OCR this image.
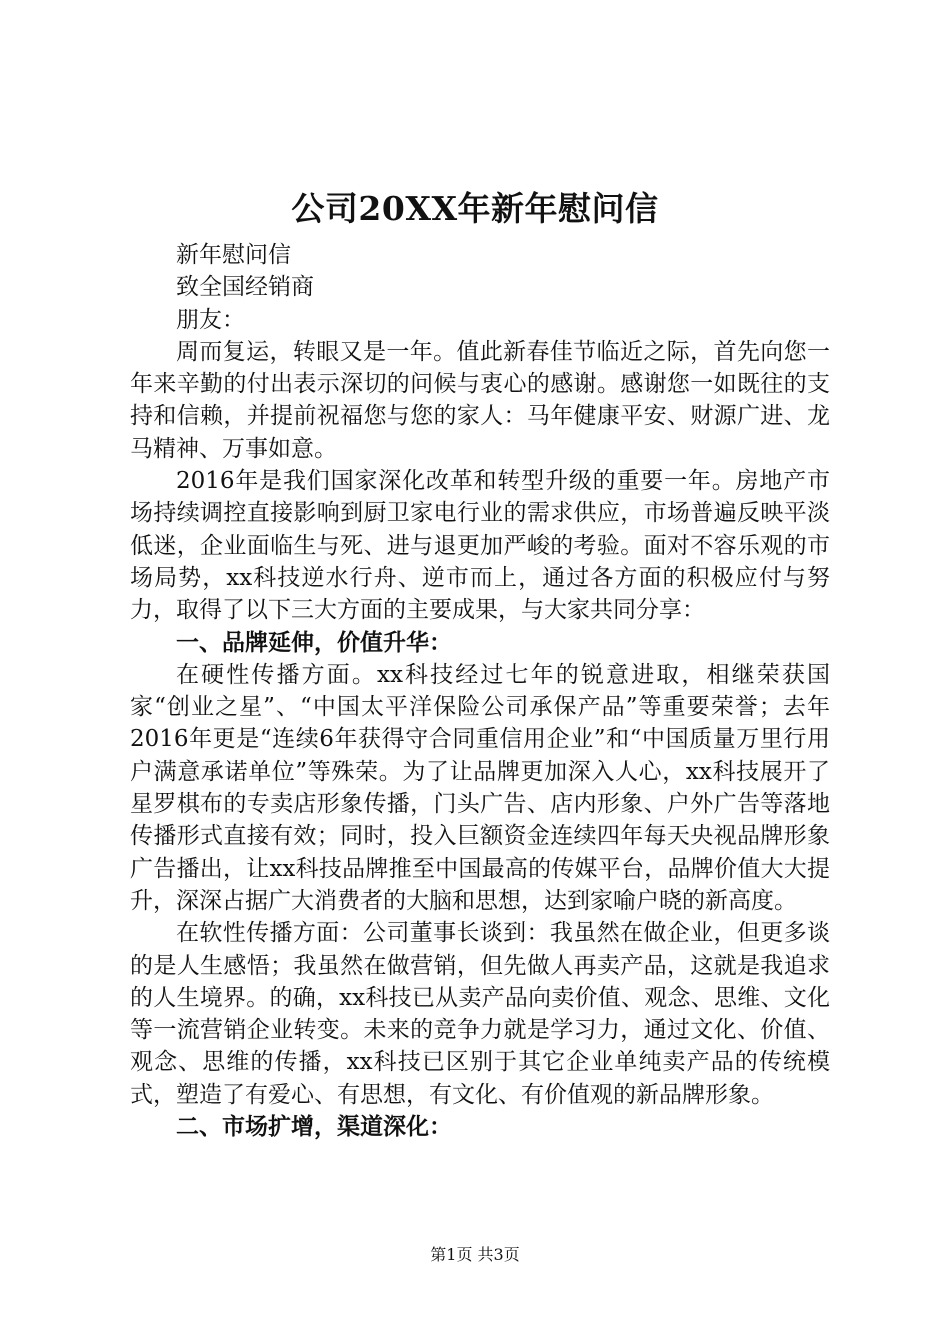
公司20XX年新年慰问信

新年慰问信

致全国经销商

朋友：

周而复运，转眼又是一年。值此新春佳节临近之际，首先向您一年来辛勤的付出表示深切的问候与衷心的感谢。感谢您一如既往的支持和信赖，并提前祝福您与您的家人：马年健康平安、财源广进、龙马精神、万事如意。

2016年是我们国家深化改革和转型升级的重要一年。房地产市场持续调控直接影响到厨卫家电行业的需求供应，市场普遍反映平淡低迷，企业面临生与死、进与退更加严峻的考验。面对不容乐观的市场局势，xx科技逆水行舟、逆市而上，通过各方面的积极应付与努力，取得了以下三大方面的主要成果，与大家共同分享：

一、品牌延伸，价值升华：

在硬性传播方面。xx科技经过七年的锐意进取，相继荣获国家“创业之星”、“中国太平洋保险公司承保产品”等重要荣誉；去年2016年更是“连续6年获得守合同重信用企业”和“中国质量万里行用户满意承诺单位”等殊荣。为了让品牌更加深入人心，xx科技展开了星罗棋布的专卖店形象传播，门头广告、店内形象、户外广告等落地传播形式直接有效；同时，投入巨额资金连续四年每天央视品牌形象广告播出，让xx科技品牌推至中国最高的传媒平台，品牌价值大大提升，深深占据广大消费者的大脑和思想，达到家喻户晓的新高度。

在软性传播方面：公司董事长谈到：我虽然在做企业，但更多谈的是人生感悟；我虽然在做营销，但先做人再卖产品，这就是我追求的人生境界。的确，xx科技已从卖产品向卖价值、观念、思维、文化等一流营销企业转变。未来的竞争力就是学习力，通过文化、价值、观念、思维的传播，xx科技已区别于其它企业单纯卖产品的传统模式，塑造了有爱心、有思想，有文化、有价值观的新品牌形象。

二、市场扩增，渠道深化：

第1页 共3页
